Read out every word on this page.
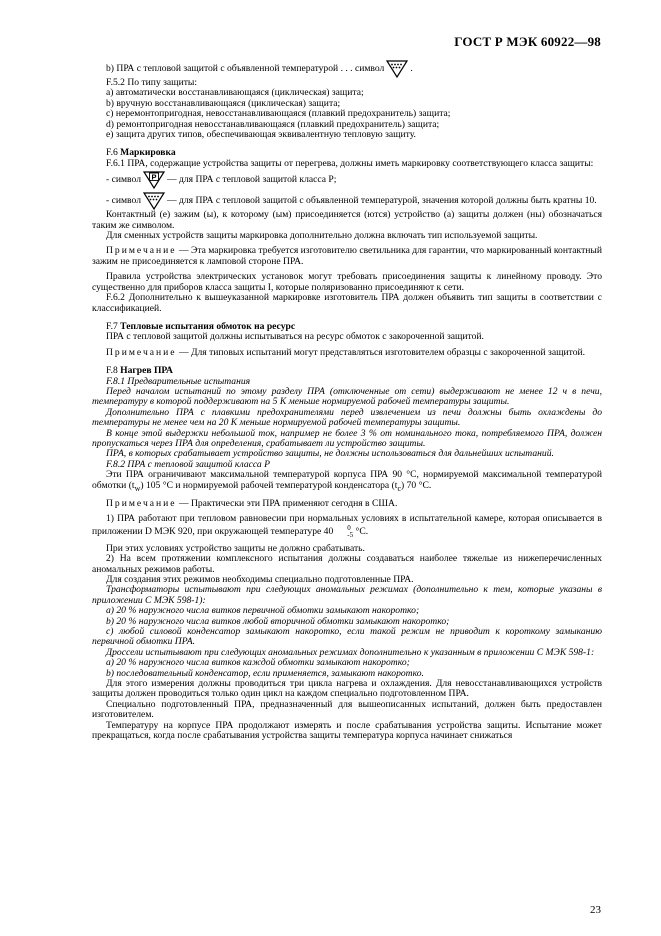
ГОСТ Р МЭК 60922—98

b) ПРА с тепловой защитой с объявленной температурой . . . символ	.

F.5.2 По типу защиты:

a) автоматически восстанавливающаяся (циклическая) защита;

b) вручную восстанавливающаяся (циклическая) защита;

c) неремонтопригодная, невосстанавливающаяся (плавкий предохранитель) защита;

d) ремонтопригодная невосстанавливающаяся (плавкий предохранитель) защита;

e) защита других типов, обеспечивающая эквивалентную тепловую защиту.

F.6 Маркировка

F.6.1 ПРА, содержащие устройства защиты от перегрева, должны иметь маркировку соответствующего класса защиты:

- символ P — для ПРА с тепловой защитой класса P;

- символ	— для ПРА с тепловой защитой с объявленной температурой, значения которой должны быть кратны 10.

Контактный (е) зажим (ы), к которому (ым) присоединяется (ются) устройство (а) защиты должен (ны) обозначаться таким же символом.

Для сменных устройств защиты маркировка дополнительно должна включать тип используемой защиты.

Примечание — Эта маркировка требуется изготовителю светильника для гарантии, что маркированный контактный зажим не присоединяется к ламповой стороне ПРА.

Правила устройства электрических установок могут требовать присоединения защиты к линейному проводу. Это существенно для приборов класса защиты I, которые поляризованно присоединяют к сети.

F.6.2 Дополнительно к вышеуказанной маркировке изготовитель ПРА должен объявить тип защиты в соответствии с классификацией.

F.7 Тепловые испытания обмоток на ресурс

ПРА с тепловой защитой должны испытываться на ресурс обмоток с закороченной защитой.

Примечание — Для типовых испытаний могут представляться изготовителем образцы с закороченной защитой.

F.8 Нагрев ПРА

F.8.1 Предварительные испытания

Перед началом испытаний по этому разделу ПРА (отключенные от сети) выдерживают не менее 12 ч в печи, температуру в которой поддерживают на 5 К меньше нормируемой рабочей температуры защиты.

Дополнительно ПРА с плавкими предохранителями перед извлечением из печи должны быть охлаждены до температуры не менее чем на 20 К меньше нормируемой рабочей температуры защиты.

В конце этой выдержки небольшой ток, например не более 3 % от номинального тока, потребляемого ПРА, должен пропускаться через ПРА для определения, срабатывает ли устройство защиты.

ПРА, в которых срабатывает устройство защиты, не должны использоваться для дальнейших испытаний.

F.8.2 ПРА с тепловой защитой класса P

Эти ПРА ограничивают максимальной температурой корпуса ПРА 90 °С, нормируемой максимальной температурой обмотки $(t_w)$ 105 °С и нормируемой рабочей температурой конденсатора $(t_c)$ 70 °С.

Примечание — Практически эти ПРА применяют сегодня в США.

1) ПРА работают при тепловом равновесии при нормальных условиях в испытательной камере, которая описывается в приложении D МЭК 920, при окружающей температуре 40	0
-5 °С.

При этих условиях устройство защиты не должно срабатывать.

2) На всем протяжении комплексного испытания должны создаваться наиболее тяжелые из нижеперечисленных аномальных режимов работы.

Для создания этих режимов необходимы специально подготовленные ПРА.

Трансформаторы испытывают при следующих аномальных режимах (дополнительно к тем, которые указаны в приложении С МЭК 598-1):

a) 20 % наружного числа витков первичной обмотки замыкают накоротко;

b) 20 % наружного числа витков любой вторичной обмотки замыкают накоротко;

c) любой силовой конденсатор замыкают накоротко, если такой режим не приводит к короткому замыканию первичной обмотки ПРА.

Дроссели испытывают при следующих аномальных режимах дополнительно к указанным в приложении С МЭК 598-1:

a) 20 % наружного числа витков каждой обмотки замыкают накоротко;

b) последовательный конденсатор, если применяется, замыкают накоротко.

Для этого измерения должны проводиться три цикла нагрева и охлаждения. Для невосстанавливающихся устройств защиты должен проводиться только один цикл на каждом специально подготовленном ПРА.

Специально подготовленный ПРА, предназначенный для вышеописанных испытаний, должен быть предоставлен изготовителем.

Температуру на корпусе ПРА продолжают измерять и после срабатывания устройства защиты. Испытание может прекращаться, когда после срабатывания устройства защиты температура корпуса начинает снижаться

23
